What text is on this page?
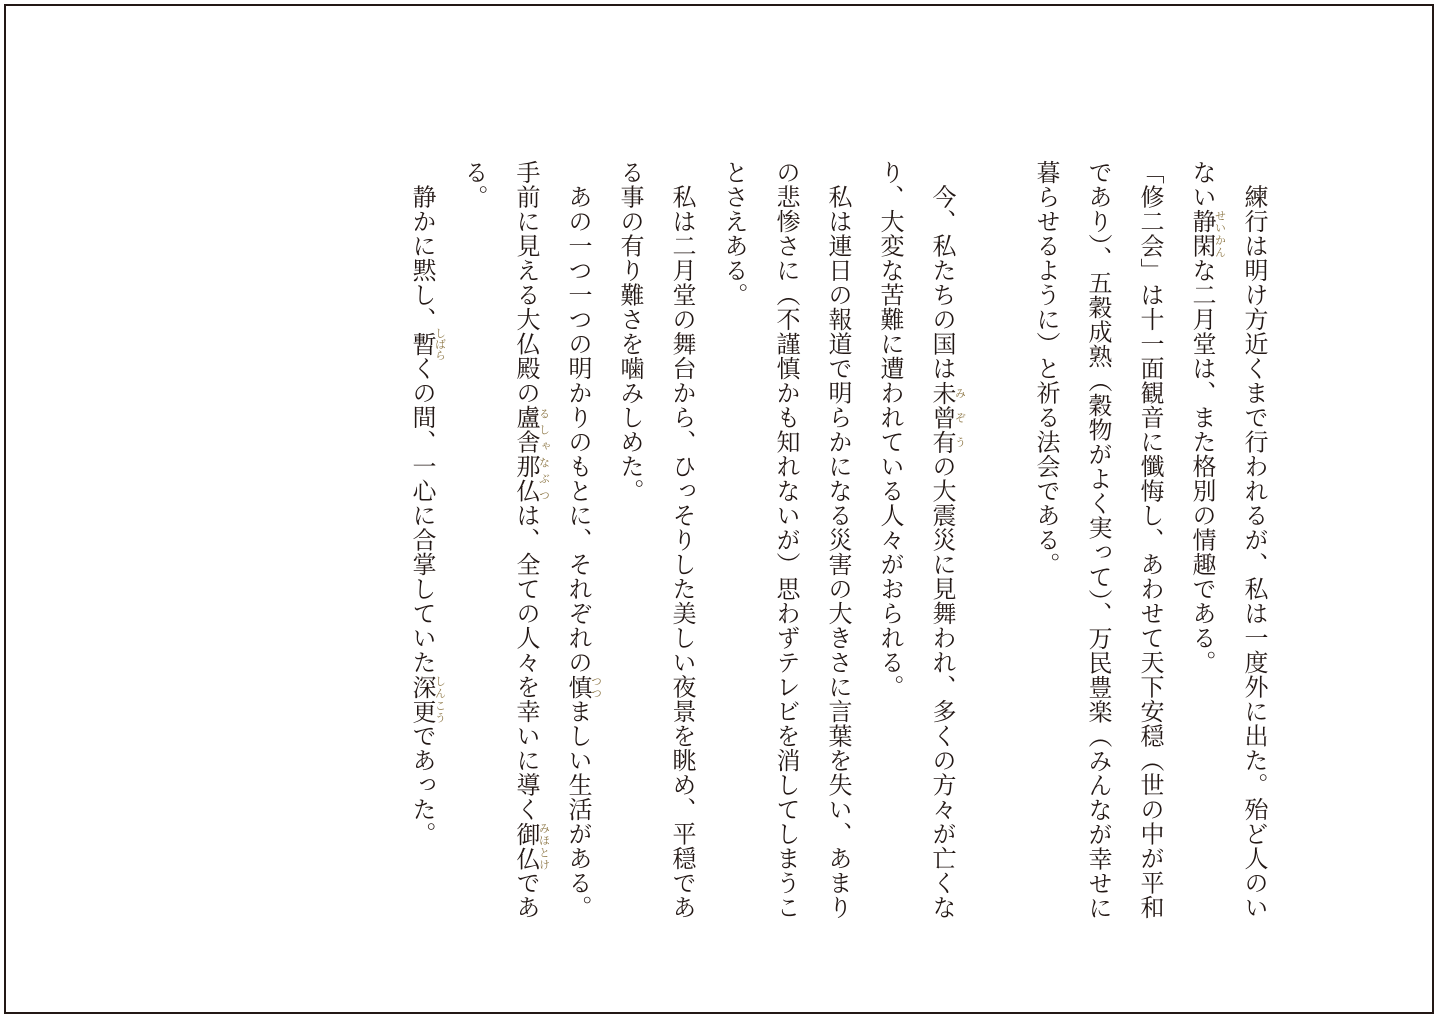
　練行は明け方近くまで行われるが、私は一度外に出た。殆ど人のいない静閑せいかんな二月堂は、また格別の情趣である。

「修二会」は十一面観音に懺悔し、あわせて天下安穏（世の中が平和であり）、五穀成熟（穀物がよく実って）、万民豊楽（みんなが幸せに暮らせるように）と祈る法会である。

　今、私たちの国は未曾有みぞうの大震災に見舞われ、多くの方々が亡くなり、大変な苦難に遭われている人々がおられる。

　私は連日の報道で明らかになる災害の大きさに言葉を失い、あまりの悲惨さに（不謹慎かも知れないが）思わずテレビを消してしまうことさえある。

　私は二月堂の舞台から、ひっそりした美しい夜景を眺め、平穏である事の有り難さを噛みしめた。

　あの一つ一つの明かりのもとに、それぞれの慎つつましい生活がある。手前に見える大仏殿の盧舎那仏るしゃなぶつは、全ての人々を幸いに導く御仏みほとけである。

　静かに黙し、暫しばらくの間、一心に合掌していた深更しんこうであった。
